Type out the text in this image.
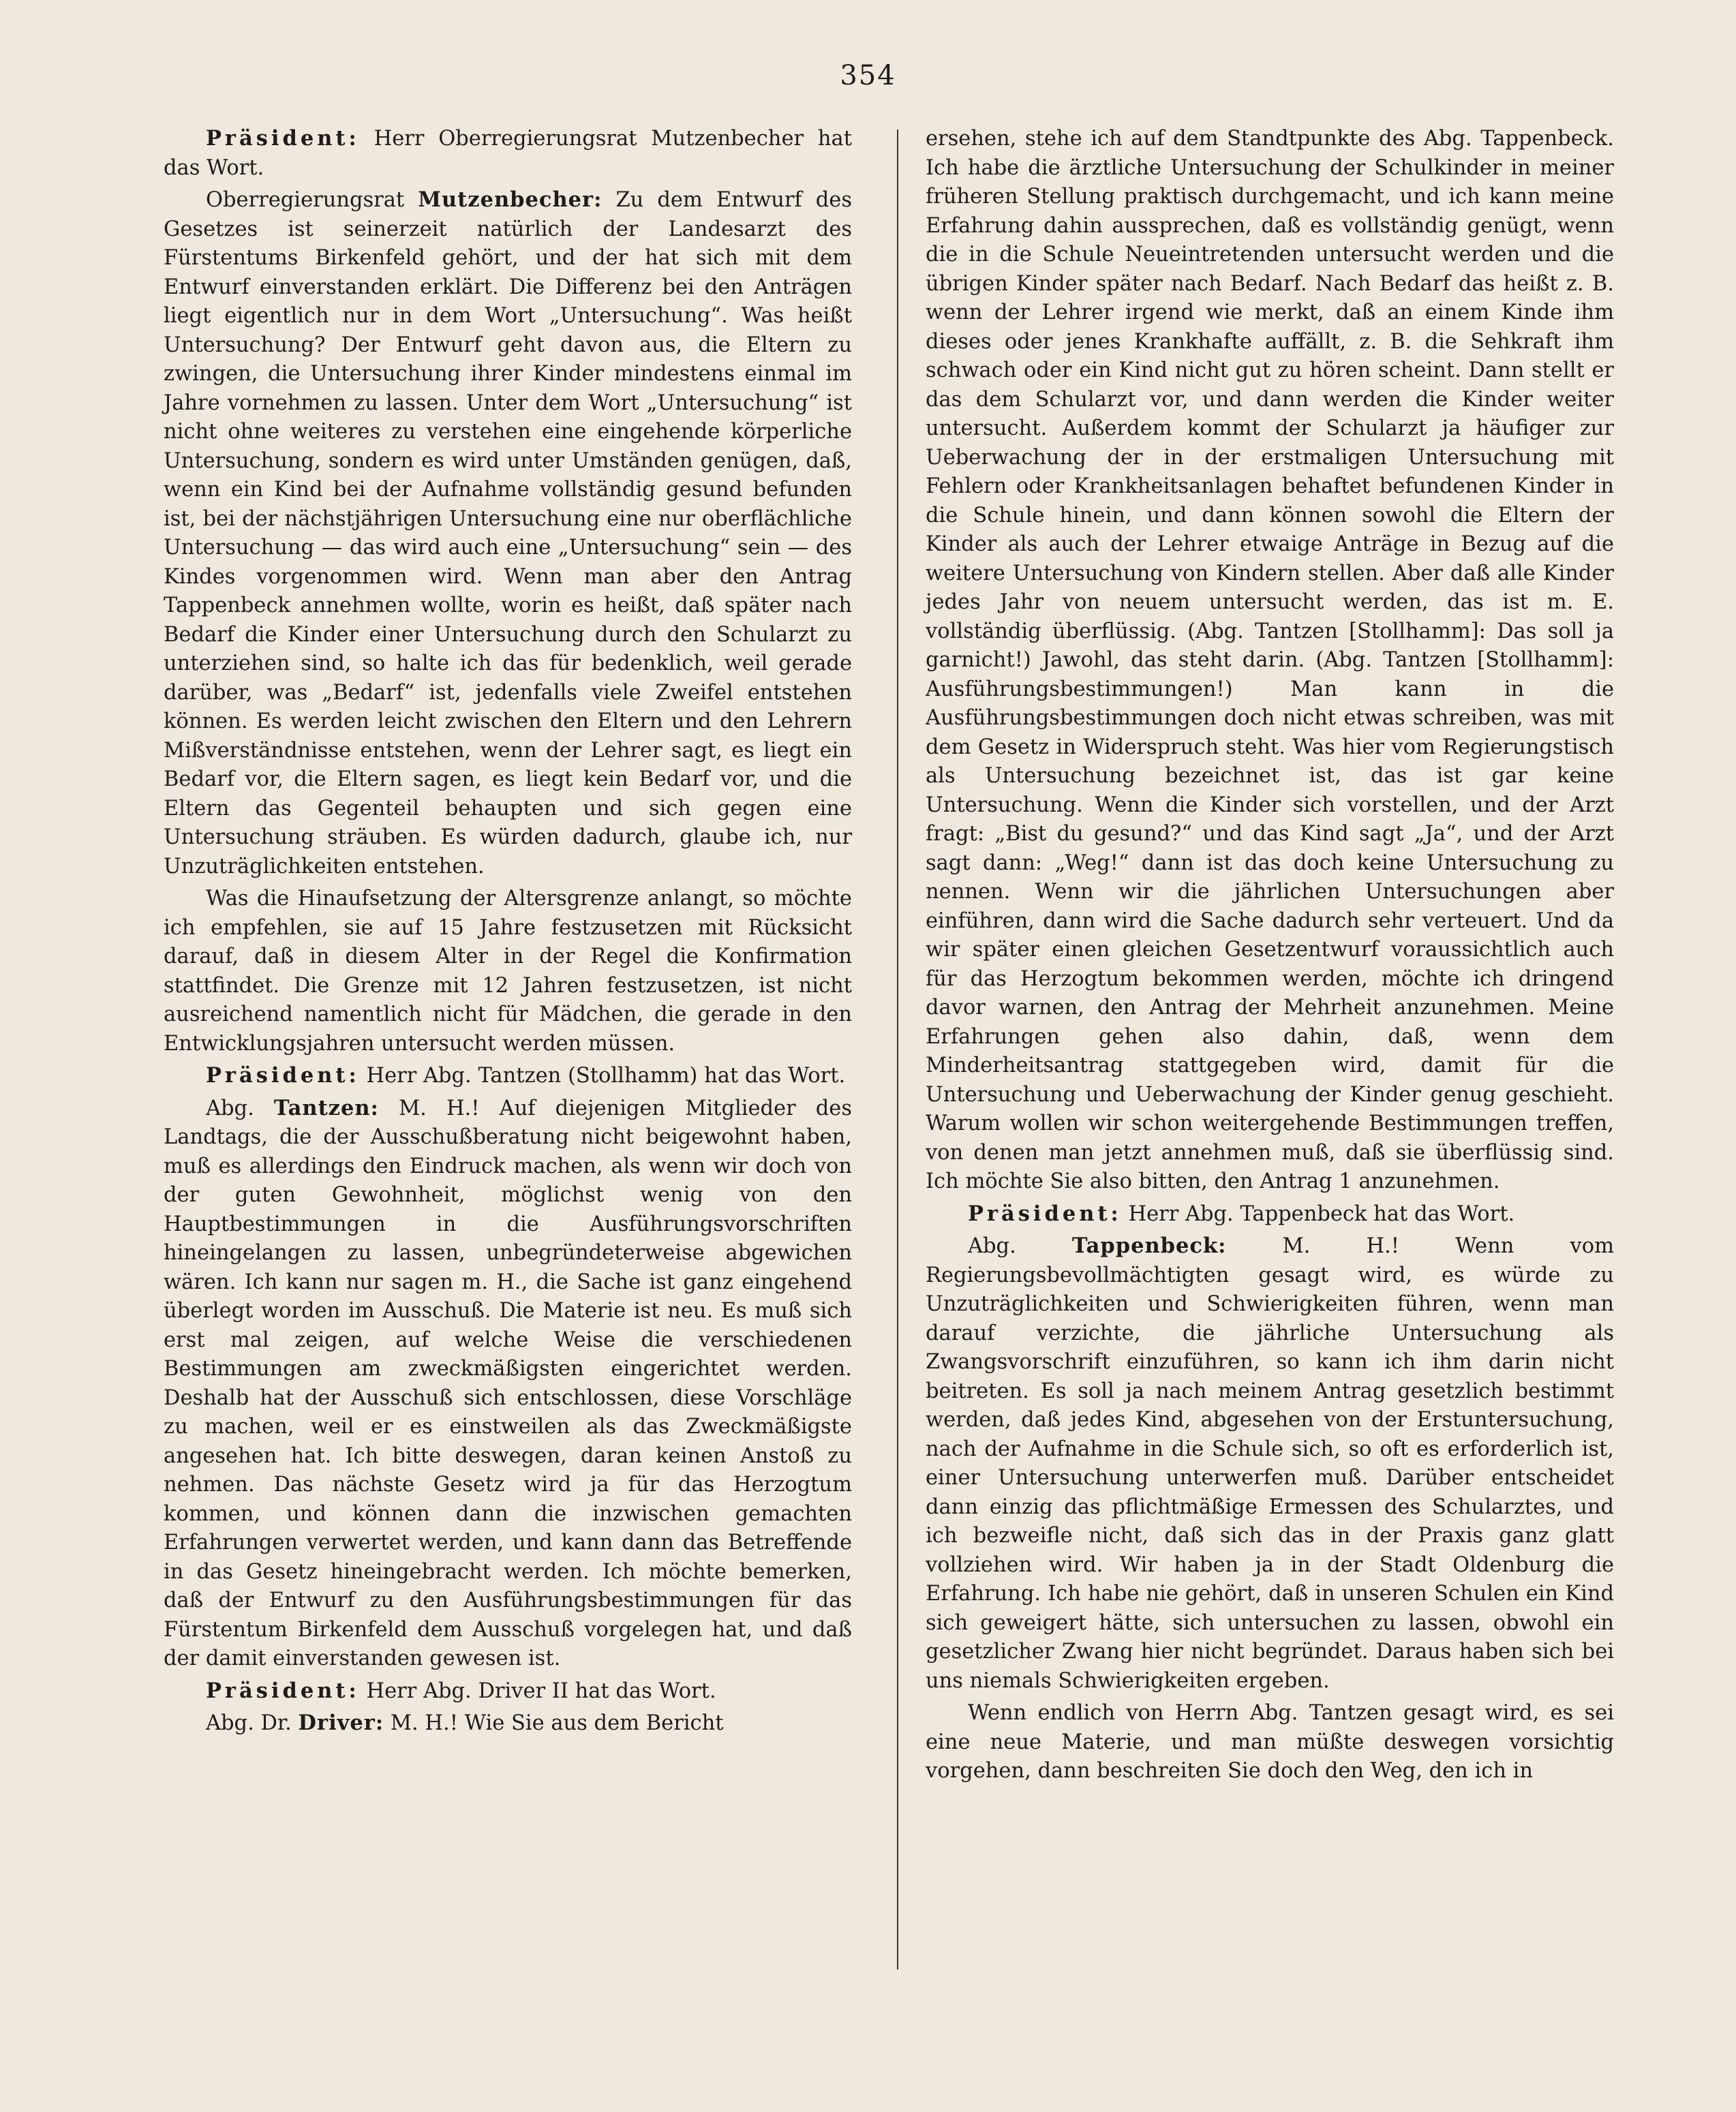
354

Präsident: Herr Oberregierungsrat Mutzenbecher hat das Wort.

Oberregierungsrat Mutzenbecher: Zu dem Entwurf des Gesetzes ist seinerzeit natürlich der Landesarzt des Fürstentums Birkenfeld gehört, und der hat sich mit dem Entwurf einverstanden erklärt. Die Differenz bei den Anträgen liegt eigentlich nur in dem Wort „Untersuchung“. Was heißt Untersuchung? Der Entwurf geht davon aus, die Eltern zu zwingen, die Untersuchung ihrer Kinder mindestens einmal im Jahre vornehmen zu lassen. Unter dem Wort „Untersuchung“ ist nicht ohne weiteres zu verstehen eine eingehende körperliche Untersuchung, sondern es wird unter Umständen genügen, daß, wenn ein Kind bei der Aufnahme vollständig gesund befunden ist, bei der nächstjährigen Untersuchung eine nur oberflächliche Untersuchung — das wird auch eine „Untersuchung“ sein — des Kindes vorgenommen wird. Wenn man aber den Antrag Tappenbeck annehmen wollte, worin es heißt, daß später nach Bedarf die Kinder einer Untersuchung durch den Schularzt zu unterziehen sind, so halte ich das für bedenklich, weil gerade darüber, was „Bedarf“ ist, jedenfalls viele Zweifel entstehen können. Es werden leicht zwischen den Eltern und den Lehrern Mißverständnisse entstehen, wenn der Lehrer sagt, es liegt ein Bedarf vor, die Eltern sagen, es liegt kein Bedarf vor, und die Eltern das Gegenteil behaupten und sich gegen eine Untersuchung sträuben. Es würden dadurch, glaube ich, nur Unzuträglichkeiten entstehen.

Was die Hinaufsetzung der Altersgrenze anlangt, so möchte ich empfehlen, sie auf 15 Jahre festzusetzen mit Rücksicht darauf, daß in diesem Alter in der Regel die Konfirmation stattfindet. Die Grenze mit 12 Jahren festzusetzen, ist nicht ausreichend namentlich nicht für Mädchen, die gerade in den Entwicklungsjahren untersucht werden müssen.

Präsident: Herr Abg. Tantzen (Stollhamm) hat das Wort.

Abg. Tantzen: M. H.! Auf diejenigen Mitglieder des Landtags, die der Ausschußberatung nicht beigewohnt haben, muß es allerdings den Eindruck machen, als wenn wir doch von der guten Gewohnheit, möglichst wenig von den Hauptbestimmungen in die Ausführungsvorschriften hineingelangen zu lassen, unbegründeterweise abgewichen wären. Ich kann nur sagen m. H., die Sache ist ganz eingehend überlegt worden im Ausschuß. Die Materie ist neu. Es muß sich erst mal zeigen, auf welche Weise die verschiedenen Bestimmungen am zweckmäßigsten eingerichtet werden. Deshalb hat der Ausschuß sich entschlossen, diese Vorschläge zu machen, weil er es einstweilen als das Zweckmäßigste angesehen hat. Ich bitte deswegen, daran keinen Anstoß zu nehmen. Das nächste Gesetz wird ja für das Herzogtum kommen, und können dann die inzwischen gemachten Erfahrungen verwertet werden, und kann dann das Betreffende in das Gesetz hineingebracht werden. Ich möchte bemerken, daß der Entwurf zu den Ausführungsbestimmungen für das Fürstentum Birkenfeld dem Ausschuß vorgelegen hat, und daß der damit einverstanden gewesen ist.

Präsident: Herr Abg. Driver II hat das Wort.

Abg. Dr. Driver: M. H.! Wie Sie aus dem Bericht

ersehen, stehe ich auf dem Standtpunkte des Abg. Tappenbeck. Ich habe die ärztliche Untersuchung der Schulkinder in meiner früheren Stellung praktisch durchgemacht, und ich kann meine Erfahrung dahin aussprechen, daß es vollständig genügt, wenn die in die Schule Neueintretenden untersucht werden und die übrigen Kinder später nach Bedarf. Nach Bedarf das heißt z. B. wenn der Lehrer irgend wie merkt, daß an einem Kinde ihm dieses oder jenes Krankhafte auffällt, z. B. die Sehkraft ihm schwach oder ein Kind nicht gut zu hören scheint. Dann stellt er das dem Schularzt vor, und dann werden die Kinder weiter untersucht. Außerdem kommt der Schularzt ja häufiger zur Ueberwachung der in der erstmaligen Untersuchung mit Fehlern oder Krankheitsanlagen behaftet befundenen Kinder in die Schule hinein, und dann können sowohl die Eltern der Kinder als auch der Lehrer etwaige Anträge in Bezug auf die weitere Untersuchung von Kindern stellen. Aber daß alle Kinder jedes Jahr von neuem untersucht werden, das ist m. E. vollständig überflüssig. (Abg. Tantzen [Stollhamm]: Das soll ja garnicht!) Jawohl, das steht darin. (Abg. Tantzen [Stollhamm]: Ausführungsbestimmungen!) Man kann in die Ausführungsbestimmungen doch nicht etwas schreiben, was mit dem Gesetz in Widerspruch steht. Was hier vom Regierungstisch als Untersuchung bezeichnet ist, das ist gar keine Untersuchung. Wenn die Kinder sich vorstellen, und der Arzt fragt: „Bist du gesund?“ und das Kind sagt „Ja“, und der Arzt sagt dann: „Weg!“ dann ist das doch keine Untersuchung zu nennen. Wenn wir die jährlichen Untersuchungen aber einführen, dann wird die Sache dadurch sehr verteuert. Und da wir später einen gleichen Gesetzentwurf voraussichtlich auch für das Herzogtum bekommen werden, möchte ich dringend davor warnen, den Antrag der Mehrheit anzunehmen. Meine Erfahrungen gehen also dahin, daß, wenn dem Minderheitsantrag stattgegeben wird, damit für die Untersuchung und Ueberwachung der Kinder genug geschieht. Warum wollen wir schon weitergehende Bestimmungen treffen, von denen man jetzt annehmen muß, daß sie überflüssig sind. Ich möchte Sie also bitten, den Antrag 1 anzunehmen.

Präsident: Herr Abg. Tappenbeck hat das Wort.

Abg. Tappenbeck: M. H.! Wenn vom Regierungsbevollmächtigten gesagt wird, es würde zu Unzuträglichkeiten und Schwierigkeiten führen, wenn man darauf verzichte, die jährliche Untersuchung als Zwangsvorschrift einzuführen, so kann ich ihm darin nicht beitreten. Es soll ja nach meinem Antrag gesetzlich bestimmt werden, daß jedes Kind, abgesehen von der Erstuntersuchung, nach der Aufnahme in die Schule sich, so oft es erforderlich ist, einer Untersuchung unterwerfen muß. Darüber entscheidet dann einzig das pflichtmäßige Ermessen des Schularztes, und ich bezweifle nicht, daß sich das in der Praxis ganz glatt vollziehen wird. Wir haben ja in der Stadt Oldenburg die Erfahrung. Ich habe nie gehört, daß in unseren Schulen ein Kind sich geweigert hätte, sich untersuchen zu lassen, obwohl ein gesetzlicher Zwang hier nicht begründet. Daraus haben sich bei uns niemals Schwierigkeiten ergeben.

Wenn endlich von Herrn Abg. Tantzen gesagt wird, es sei eine neue Materie, und man müßte deswegen vorsichtig vorgehen, dann beschreiten Sie doch den Weg, den ich in
